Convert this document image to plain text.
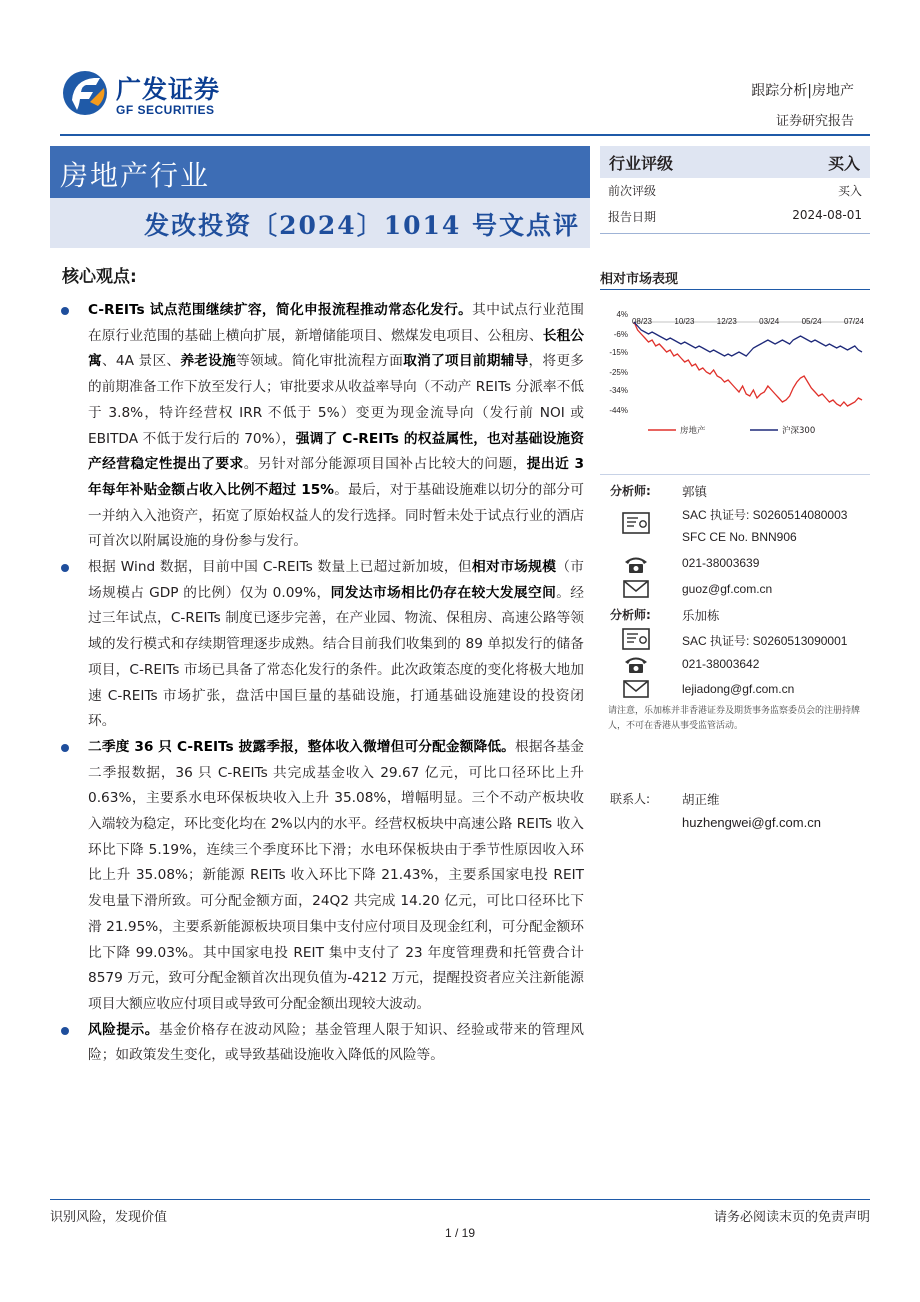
广发证券
GF SECURITIES
跟踪分析|房地产
证券研究报告
房地产行业
发改投资〔2024〕1014 号文点评
行业评级	买入
前次评级	买入
报告日期	2024-08-01
核心观点:
C-REITs 试点范围继续扩容，简化申报流程推动常态化发行。其中试点行业范围在原行业范围的基础上横向扩展，新增储能项目、燃煤发电项目、公租房、长租公寓、4A 景区、养老设施等领域。简化审批流程方面取消了项目前期辅导，将更多的前期准备工作下放至发行人；审批要求从收益率导向（不动产 REITs 分派率不低于 3.8%，特许经营权 IRR 不低于 5%）变更为现金流导向（发行前 NOI 或 EBITDA 不低于发行后的 70%），强调了 C-REITs 的权益属性，也对基础设施资产经营稳定性提出了要求。另针对部分能源项目国补占比较大的问题，提出近 3 年每年补贴金额占收入比例不超过 15%。最后，对于基础设施难以切分的部分可一并纳入入池资产，拓宽了原始权益人的发行选择。同时暂未处于试点行业的酒店可首次以附属设施的身份参与发行。
根据 Wind 数据，目前中国 C-REITs 数量上已超过新加坡，但相对市场规模（市场规模占 GDP 的比例）仅为 0.09%，同发达市场相比仍存在较大发展空间。经过三年试点，C-REITs 制度已逐步完善，在产业园、物流、保租房、高速公路等领域的发行模式和存续期管理逐步成熟。结合目前我们收集到的 89 单拟发行的储备项目，C-REITs 市场已具备了常态化发行的条件。此次政策态度的变化将极大地加速 C-REITs 市场扩张，盘活中国巨量的基础设施，打通基础设施建设的投资闭环。
二季度 36 只 C-REITs 披露季报，整体收入微增但可分配金额降低。根据各基金二季报数据，36 只 C-REITs 共完成基金收入 29.67 亿元，可比口径环比上升 0.63%，主要系水电环保板块收入上升 35.08%，增幅明显。三个不动产板块收入端较为稳定，环比变化均在 2%以内的水平。经营权板块中高速公路 REITs 收入环比下降 5.19%，连续三个季度环比下滑；水电环保板块由于季节性原因收入环比上升 35.08%；新能源 REITs 收入环比下降 21.43%，主要系国家电投 REIT 发电量下滑所致。可分配金额方面，24Q2 共完成 14.20 亿元，可比口径环比下滑 21.95%，主要系新能源板块项目集中支付应付项目及现金红利，可分配金额环比下降 99.03%。其中国家电投 REIT 集中支付了 23 年度管理费和托管费合计 8579 万元，致可分配金额首次出现负值为-4212 万元，提醒投资者应关注新能源项目大额应收应付项目或导致可分配金额出现较大波动。
风险提示。基金价格存在波动风险；基金管理人限于知识、经验或带来的管理风险；如政策发生变化，或导致基础设施收入降低的风险等。
相对市场表现
4%
-6%
-15%
-25%
-34%
-44%
08/23	10/23	12/23	03/24	05/24	07/24
房地产	沪深300
分析师: 郭镇
SAC 执证号: S0260514080003
SFC CE No. BNN906
021-38003639
guoz@gf.com.cn
分析师: 乐加栋
SAC 执证号: S0260513090001
021-38003642
lejiadong@gf.com.cn
请注意，乐加栋并非香港证券及期货事务监察委员会的注册持牌人，不可在香港从事受监管活动。
联系人:	胡正维
huzhengwei@gf.com.cn
识别风险，发现价值	请务必阅读末页的免责声明
1 / 19
